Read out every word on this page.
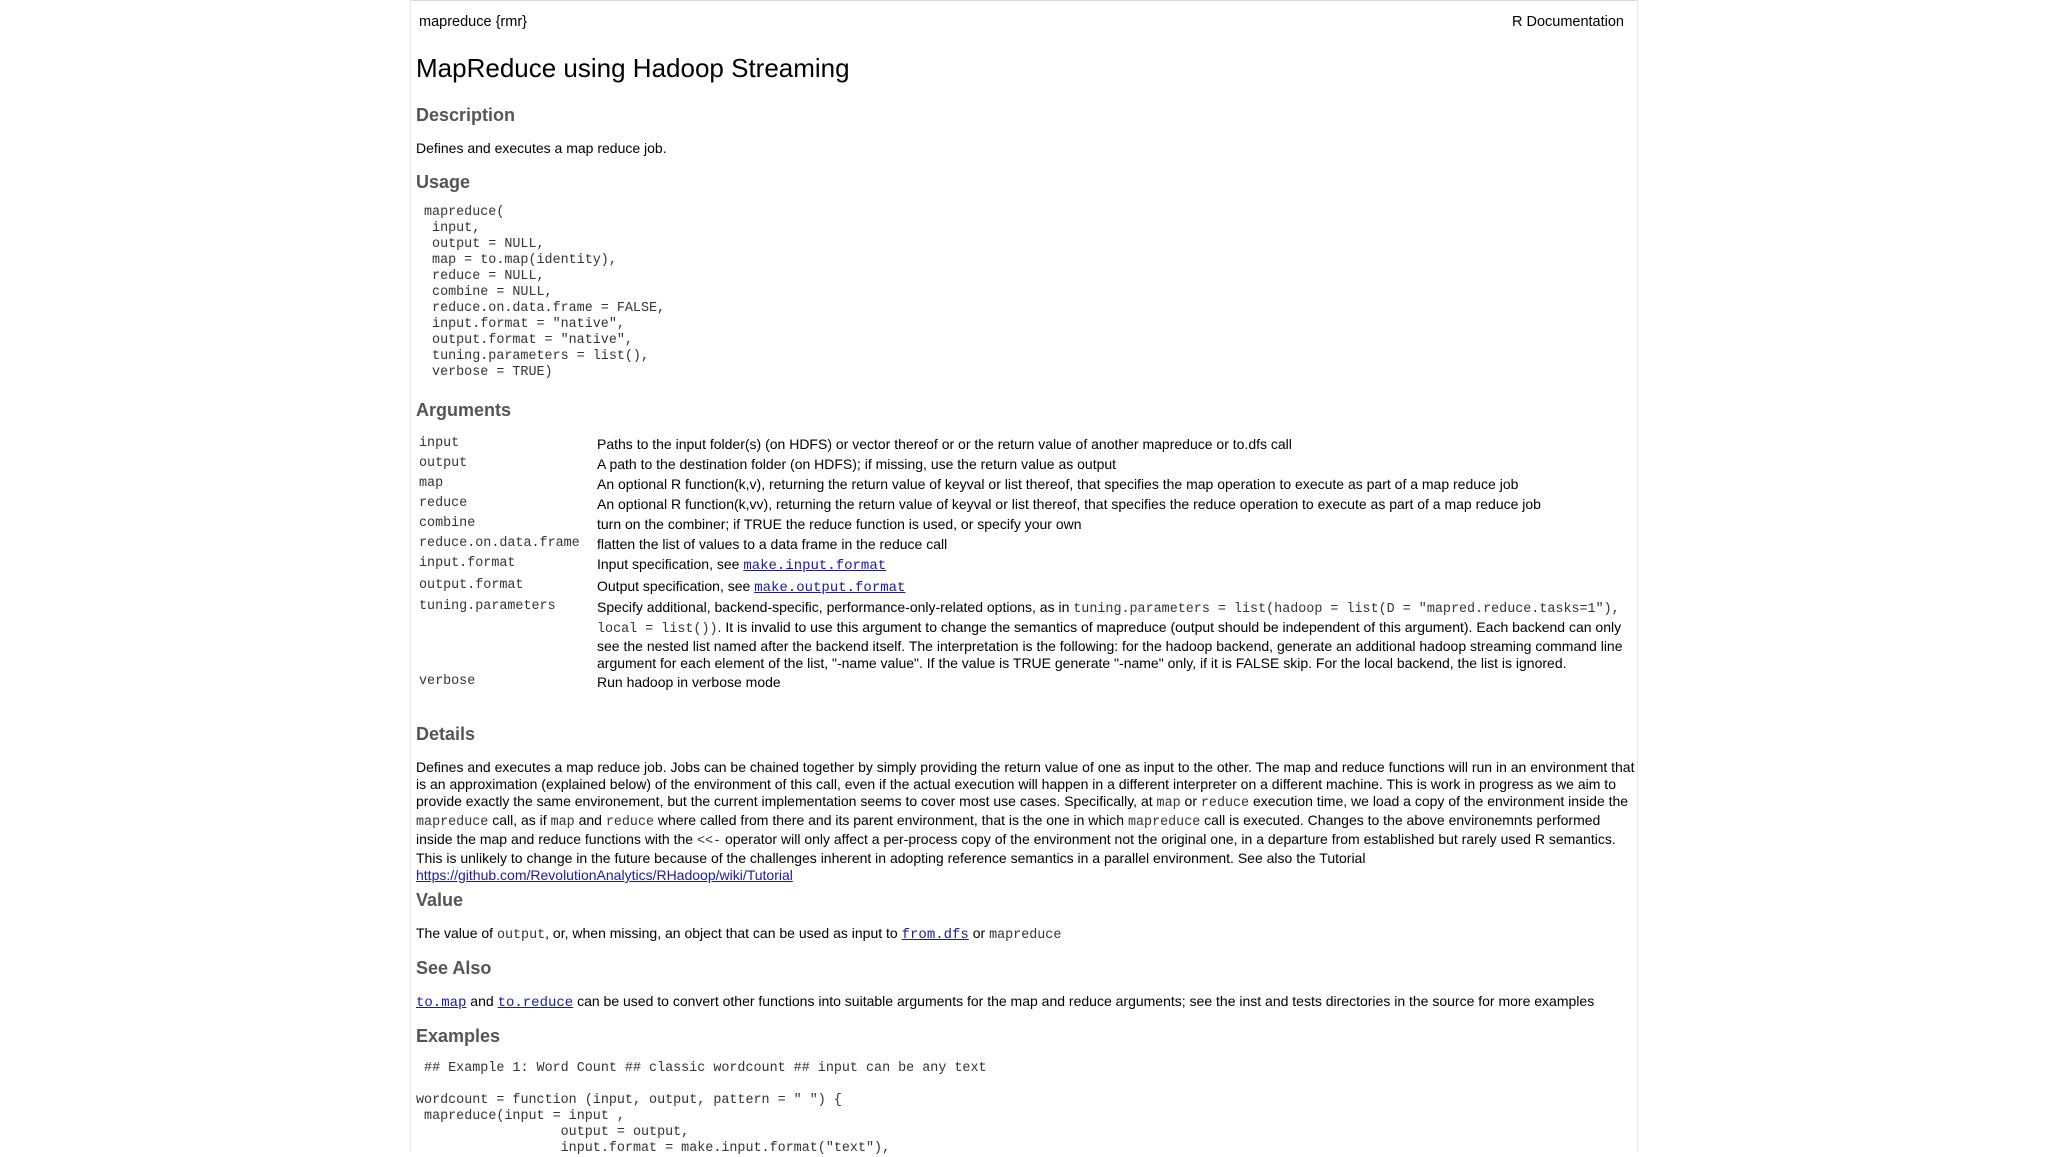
mapreduce {rmr}	R Documentation
MapReduce using Hadoop Streaming
Description
Defines and executes a map reduce job.
Usage
mapreduce(
input,
output = NULL,
map = to.map(identity),
reduce = NULL,
combine = NULL,
reduce.on.data.frame = FALSE,
input.format = "native",
output.format = "native",
tuning.parameters = list(),
verbose = TRUE)
Arguments
input	Paths to the input folder(s) (on HDFS) or vector thereof or or the return value of another mapreduce or to.dfs call
output	A path to the destination folder (on HDFS); if missing, use the return value as output
map	An optional R function(k,v), returning the return value of keyval or list thereof, that specifies the map operation to execute as part of a map reduce job
reduce	An optional R function(k,vv), returning the return value of keyval or list thereof, that specifies the reduce operation to execute as part of a map reduce job
combine	turn on the combiner; if TRUE the reduce function is used, or specify your own
reduce.on.data.frame	flatten the list of values to a data frame in the reduce call
input.format	Input specification, see make.input.format
output.format	Output specification, see make.output.format
tuning.parameters	Specify additional, backend-specific, performance-only-related options, as in tuning.parameters = list(hadoop = list(D = "mapred.reduce.tasks=1"), local = list()). It is invalid to use this argument to change the semantics of mapreduce (output should be independent of this argument). Each backend can only see the nested list named after the backend itself. The interpretation is the following: for the hadoop backend, generate an additional hadoop streaming command line argument for each element of the list, "-name value". If the value is TRUE generate "-name" only, if it is FALSE skip. For the local backend, the list is ignored.
verbose	Run hadoop in verbose mode
Details
Defines and executes a map reduce job. Jobs can be chained together by simply providing the return value of one as input to the other. The map and reduce functions will run in an environment that is an approximation (explained below) of the environment of this call, even if the actual execution will happen in a different interpreter on a different machine. This is work in progress as we aim to provide exactly the same environement, but the current implementation seems to cover most use cases. Specifically, at map or reduce execution time, we load a copy of the environment inside the mapreduce call, as if map and reduce where called from there and its parent environment, that is the one in which mapreduce call is executed. Changes to the above environemnts performed inside the map and reduce functions with the <<- operator will only affect a per-process copy of the environment not the original one, in a departure from established but rarely used R semantics. This is unlikely to change in the future because of the challenges inherent in adopting reference semantics in a parallel environment. See also the Tutorial https://github.com/RevolutionAnalytics/RHadoop/wiki/Tutorial
Value
The value of output, or, when missing, an object that can be used as input to from.dfs or mapreduce
See Also
to.map and to.reduce can be used to convert other functions into suitable arguments for the map and reduce arguments; see the inst and tests directories in the source for more examples
Examples
## Example 1: Word Count ## classic wordcount ## input can be any text

wordcount = function (input, output, pattern = " ") {
mapreduce(input = input ,
output = output,
input.format = make.input.format("text"),
